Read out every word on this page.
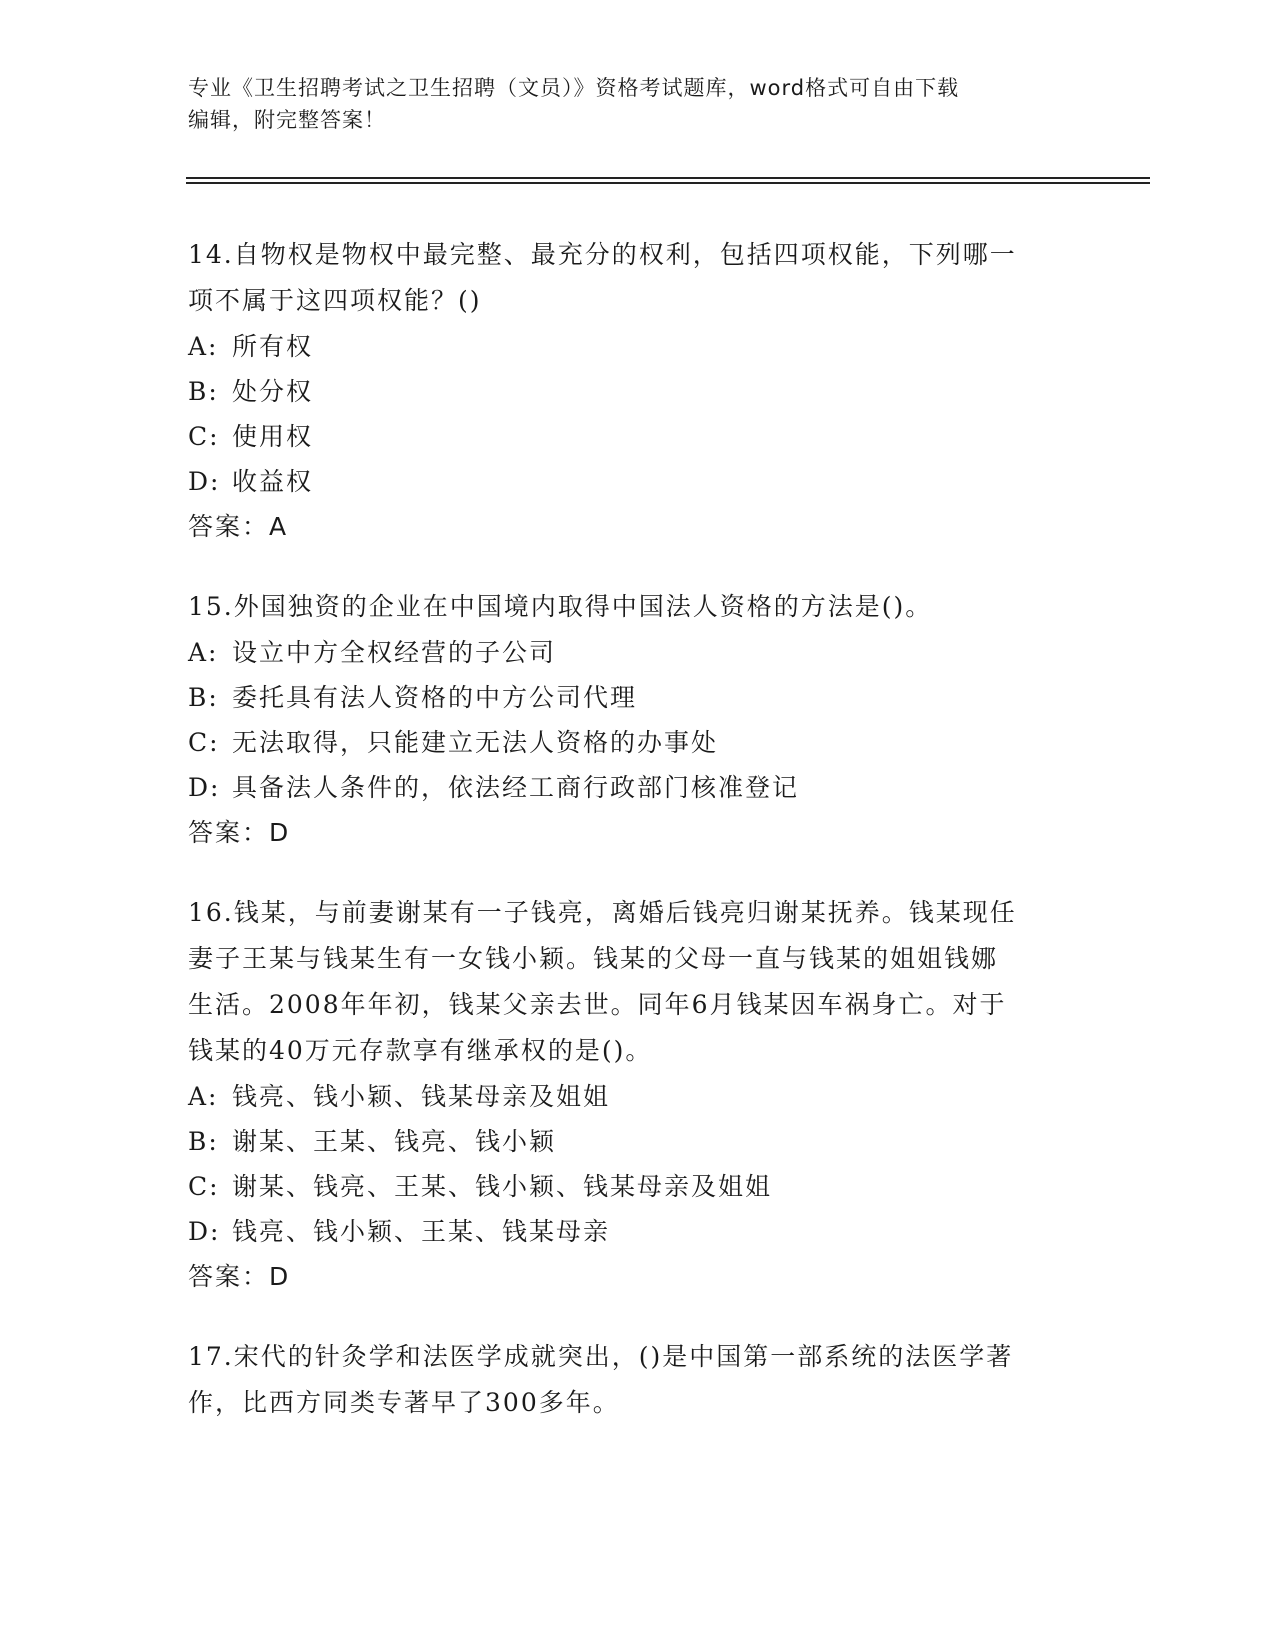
专业《卫生招聘考试之卫生招聘（文员）》资格考试题库，word格式可自由下载
编辑，附完整答案！

14.自物权是物权中最完整、最充分的权利，包括四项权能，下列哪一

项不属于这四项权能？()

A: 所有权

B: 处分权

C: 使用权

D: 收益权

答案：A

15.外国独资的企业在中国境内取得中国法人资格的方法是()。

A: 设立中方全权经营的子公司

B: 委托具有法人资格的中方公司代理

C: 无法取得，只能建立无法人资格的办事处

D: 具备法人条件的，依法经工商行政部门核准登记

答案：D

16.钱某，与前妻谢某有一子钱亮，离婚后钱亮归谢某抚养。钱某现任

妻子王某与钱某生有一女钱小颖。钱某的父母一直与钱某的姐姐钱娜

生活。2008年年初，钱某父亲去世。同年6月钱某因车祸身亡。对于

钱某的40万元存款享有继承权的是()。

A: 钱亮、钱小颖、钱某母亲及姐姐

B: 谢某、王某、钱亮、钱小颖

C: 谢某、钱亮、王某、钱小颖、钱某母亲及姐姐

D: 钱亮、钱小颖、王某、钱某母亲

答案：D

17.宋代的针灸学和法医学成就突出，()是中国第一部系统的法医学著

作，比西方同类专著早了300多年。
